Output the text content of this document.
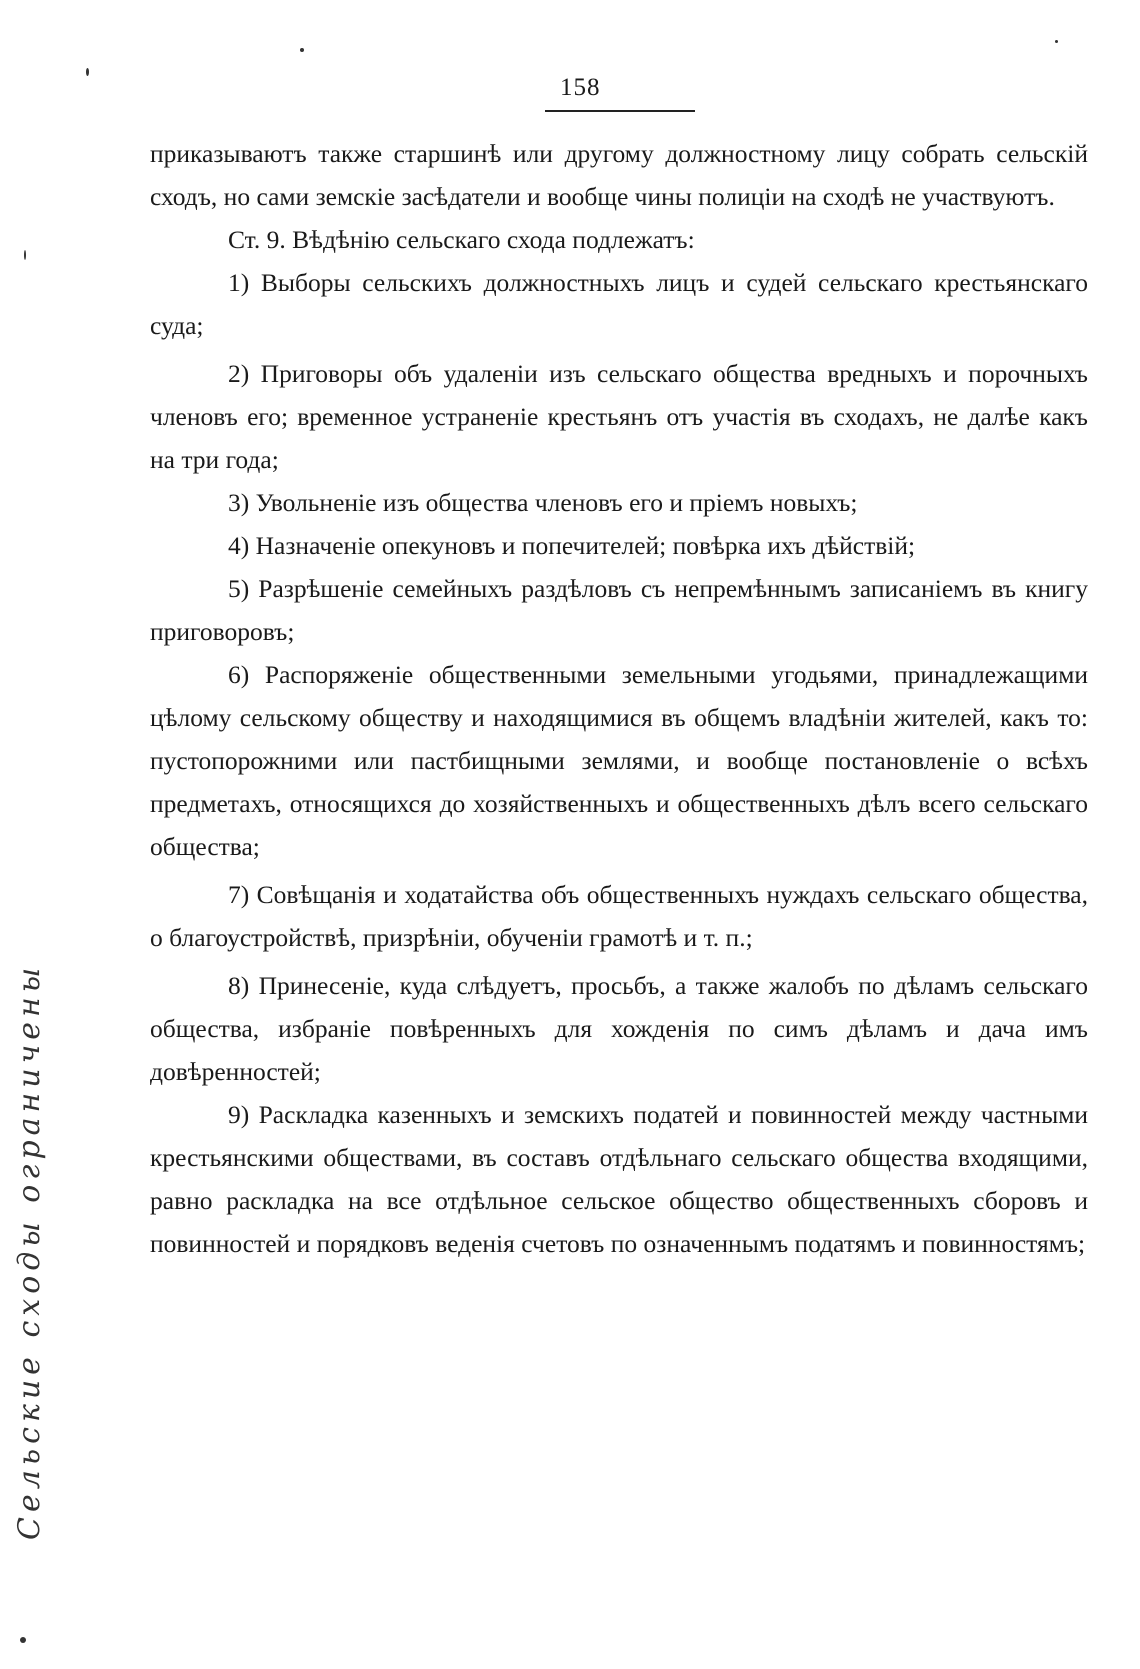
158

приказываютъ также старшинѣ или другому должностному лицу собрать сельскій сходъ, но сами земскіе засѣдатели и вообще чины полиціи на сходѣ не участвуютъ.

Ст. 9. Вѣдѣнію сельскаго схода подлежатъ:

1) Выборы сельскихъ должностныхъ лицъ и судей сельскаго крестьянскаго суда;

2) Приговоры объ удаленіи изъ сельскаго общества вредныхъ и порочныхъ членовъ его; временное устраненіе крестьянъ отъ участія въ сходахъ, не далѣе какъ на три года;

3) Увольненіе изъ общества членовъ его и пріемъ новыхъ;

4) Назначеніе опекуновъ и попечителей; повѣрка ихъ дѣйствій;

5) Разрѣшеніе семейныхъ раздѣловъ съ непремѣннымъ записаніемъ въ книгу приговоровъ;

6) Распоряженіе общественными земельными угодьями, принадлежащими цѣлому сельскому обществу и находящимися въ общемъ владѣніи жителей, какъ то: пустопорожними или пастбищными землями, и вообще постановленіе о всѣхъ предметахъ, относящихся до хозяйственныхъ и общественныхъ дѣлъ всего сельскаго общества;

7) Совѣщанія и ходатайства объ общественныхъ нуждахъ сельскаго общества, о благоустройствѣ, призрѣніи, обученіи грамотѣ и т. п.;

8) Принесеніе, куда слѣдуетъ, просьбъ, а также жалобъ по дѣламъ сельскаго общества, избраніе повѣренныхъ для хожденія по симъ дѣламъ и дача имъ довѣренностей;

9) Раскладка казенныхъ и земскихъ податей и повинностей между частными крестьянскими обществами, въ составъ отдѣльнаго сельскаго общества входящими, равно раскладка на все отдѣльное сельское общество общественныхъ сборовъ и повинностей и порядковъ веденія счетовъ по означеннымъ податямъ и повинностямъ;

Сельские сходы ограничены
